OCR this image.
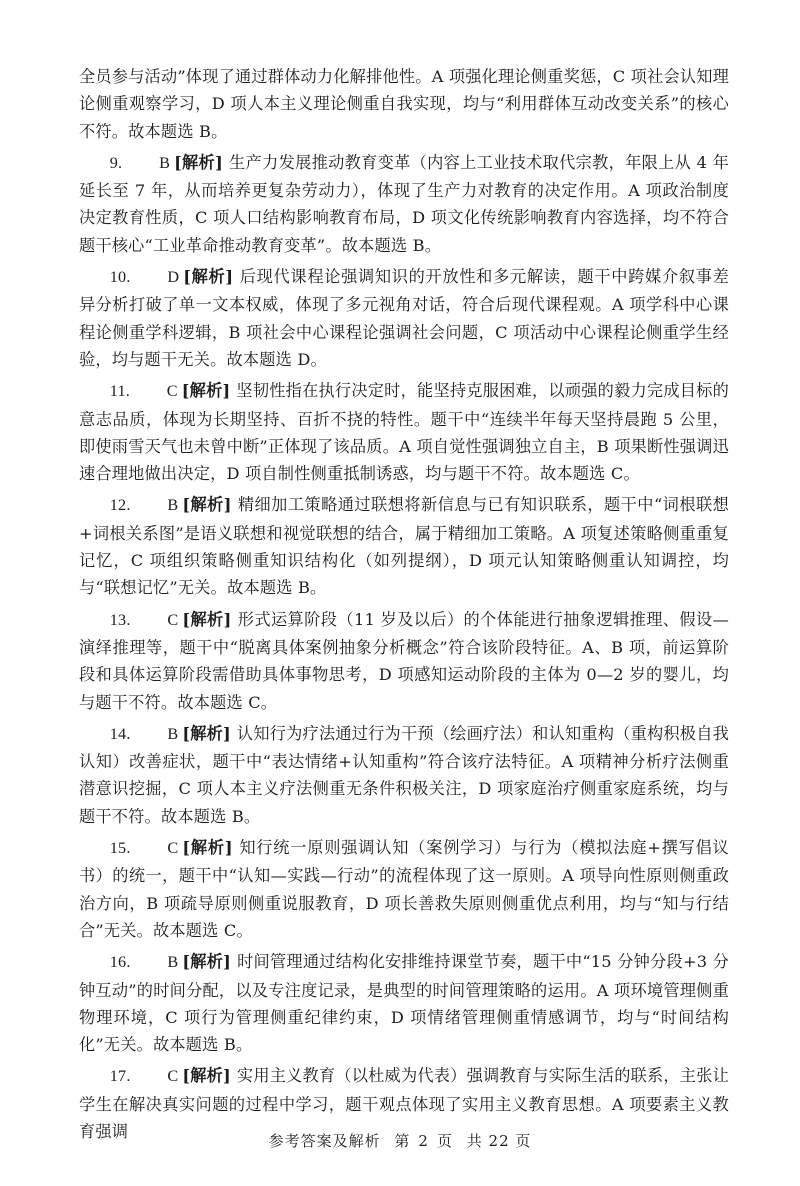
全员参与活动”体现了通过群体动力化解排他性。A 项强化理论侧重奖惩，C 项社会认知理论侧重观察学习，D 项人本主义理论侧重自我实现，均与“利用群体互动改变关系”的核心不符。故本题选 B。

9. B [解析] 生产力发展推动教育变革（内容上工业技术取代宗教，年限上从 4 年延长至 7 年，从而培养更复杂劳动力），体现了生产力对教育的决定作用。A 项政治制度决定教育性质，C 项人口结构影响教育布局，D 项文化传统影响教育内容选择，均不符合题干核心“工业革命推动教育变革”。故本题选 B。

10. D [解析] 后现代课程论强调知识的开放性和多元解读，题干中跨媒介叙事差异分析打破了单一文本权威，体现了多元视角对话，符合后现代课程观。A 项学科中心课程论侧重学科逻辑，B 项社会中心课程论强调社会问题，C 项活动中心课程论侧重学生经验，均与题干无关。故本题选 D。

11. C [解析] 坚韧性指在执行决定时，能坚持克服困难，以顽强的毅力完成目标的意志品质，体现为长期坚持、百折不挠的特性。题干中“连续半年每天坚持晨跑 5 公里，即使雨雪天气也未曾中断”正体现了该品质。A 项自觉性强调独立自主，B 项果断性强调迅速合理地做出决定，D 项自制性侧重抵制诱惑，均与题干不符。故本题选 C。

12. B [解析] 精细加工策略通过联想将新信息与已有知识联系，题干中“词根联想+词根关系图”是语义联想和视觉联想的结合，属于精细加工策略。A 项复述策略侧重重复记忆，C 项组织策略侧重知识结构化（如列提纲），D 项元认知策略侧重认知调控，均与“联想记忆”无关。故本题选 B。

13. C [解析] 形式运算阶段（11 岁及以后）的个体能进行抽象逻辑推理、假设—演绎推理等，题干中“脱离具体案例抽象分析概念”符合该阶段特征。A、B 项，前运算阶段和具体运算阶段需借助具体事物思考，D 项感知运动阶段的主体为 0—2 岁的婴儿，均与题干不符。故本题选 C。

14. B [解析] 认知行为疗法通过行为干预（绘画疗法）和认知重构（重构积极自我认知）改善症状，题干中“表达情绪+认知重构”符合该疗法特征。A 项精神分析疗法侧重潜意识挖掘，C 项人本主义疗法侧重无条件积极关注，D 项家庭治疗侧重家庭系统，均与题干不符。故本题选 B。

15. C [解析] 知行统一原则强调认知（案例学习）与行为（模拟法庭+撰写倡议书）的统一，题干中“认知—实践—行动”的流程体现了这一原则。A 项导向性原则侧重政治方向，B 项疏导原则侧重说服教育，D 项长善救失原则侧重优点利用，均与“知与行结合”无关。故本题选 C。

16. B [解析] 时间管理通过结构化安排维持课堂节奏，题干中“15 分钟分段+3 分钟互动”的时间分配，以及专注度记录，是典型的时间管理策略的运用。A 项环境管理侧重物理环境，C 项行为管理侧重纪律约束，D 项情绪管理侧重情感调节，均与“时间结构化”无关。故本题选 B。

17. C [解析] 实用主义教育（以杜威为代表）强调教育与实际生活的联系，主张让学生在解决真实问题的过程中学习，题干观点体现了实用主义教育思想。A 项要素主义教育强调

参考答案及解析 第 2 页 共 22 页
